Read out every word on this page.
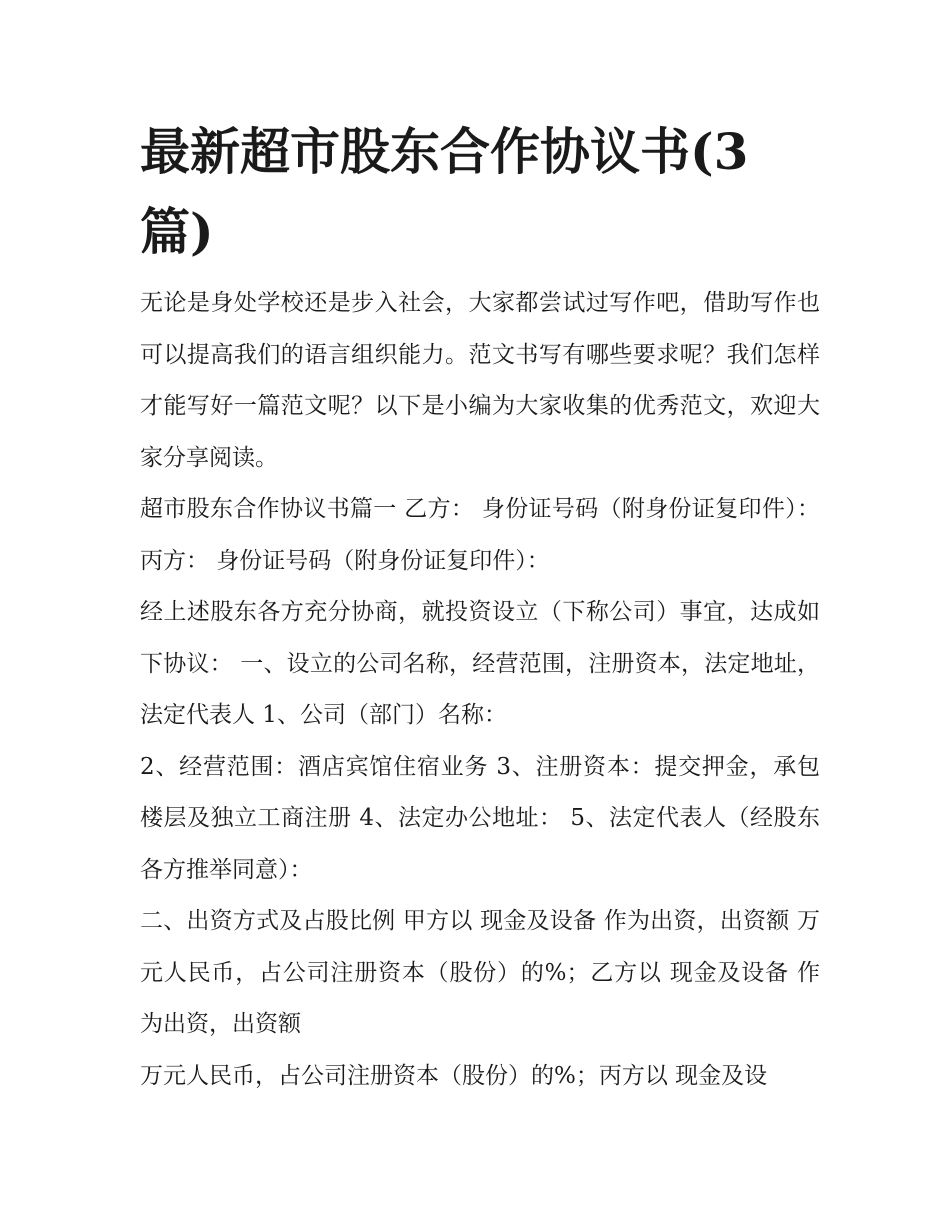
最新超市股东合作协议书(3篇)

无论是身处学校还是步入社会，大家都尝试过写作吧，借助写作也可以提高我们的语言组织能力。范文书写有哪些要求呢？我们怎样才能写好一篇范文呢？以下是小编为大家收集的优秀范文，欢迎大家分享阅读。

超市股东合作协议书篇一 乙方： 身份证号码（附身份证复印件）： 丙方： 身份证号码（附身份证复印件）：

经上述股东各方充分协商，就投资设立（下称公司）事宜，达成如下协议： 一、设立的公司名称，经营范围，注册资本，法定地址，法定代表人 1、公司（部门）名称：

2、经营范围：酒店宾馆住宿业务 3、注册资本：提交押金，承包楼层及独立工商注册 4、法定办公地址： 5、法定代表人（经股东各方推举同意）：

二、出资方式及占股比例 甲方以 现金及设备 作为出资，出资额 万元人民币，占公司注册资本（股份）的%；乙方以 现金及设备 作为出资，出资额

万元人民币，占公司注册资本（股份）的%；丙方以 现金及设
